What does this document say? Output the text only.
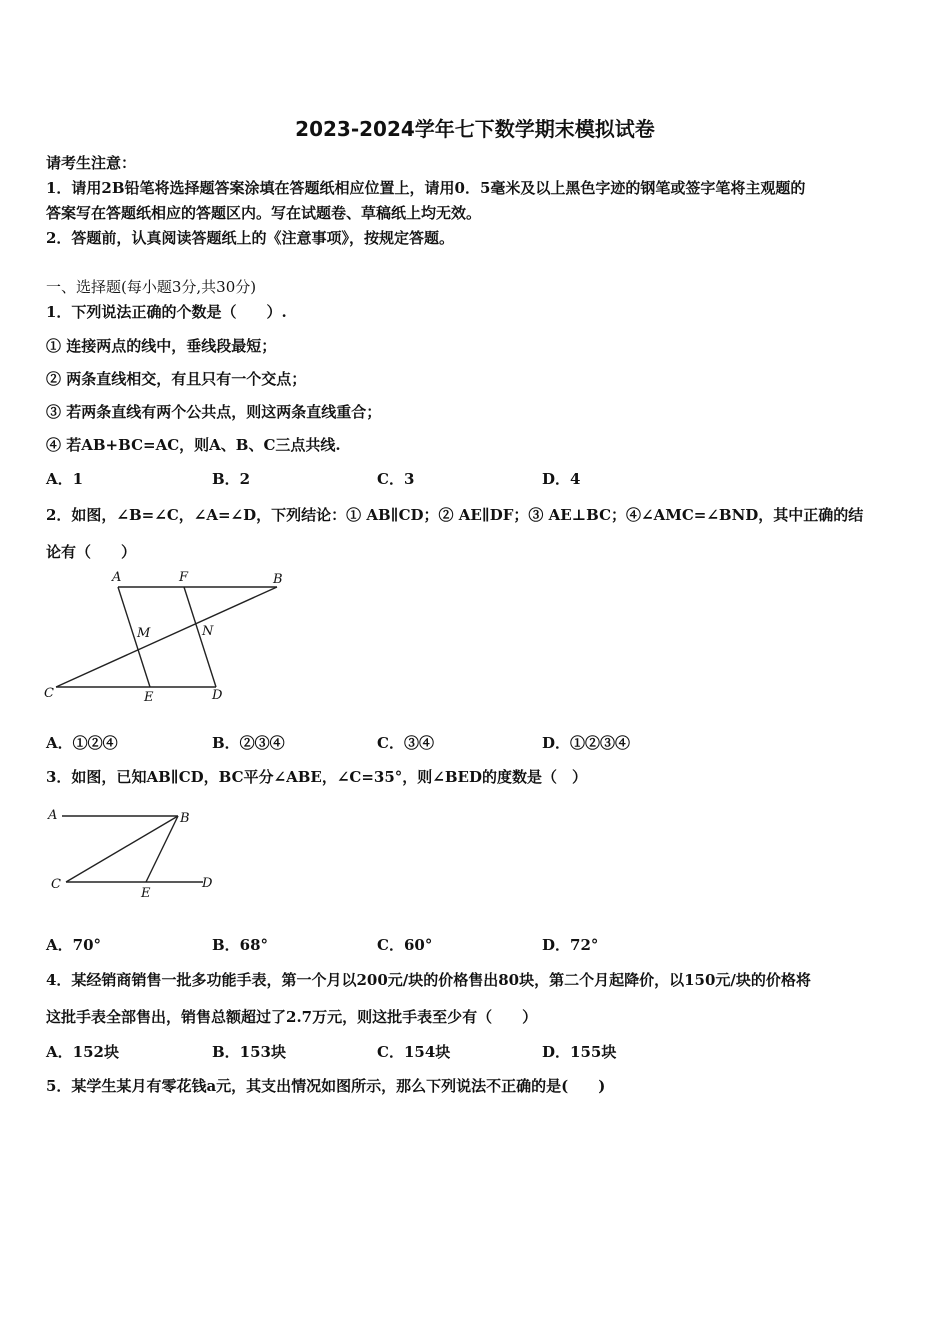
2023-2024学年七下数学期末模拟试卷
请考生注意：
1．请用2B铅笔将选择题答案涂填在答题纸相应位置上，请用0．5毫米及以上黑色字迹的钢笔或签字笔将主观题的
答案写在答题纸相应的答题区内。写在试题卷、草稿纸上均无效。
2．答题前，认真阅读答题纸上的《注意事项》，按规定答题。
一、选择题(每小题3分,共30分)
1．下列说法正确的个数是（　　）.
① 连接两点的线中，垂线段最短；
② 两条直线相交，有且只有一个交点；
③ 若两条直线有两个公共点，则这两条直线重合；
④ 若AB+BC=AC，则A、B、C三点共线.
A．1	B．2	C．3	D．4
2．如图，∠B=∠C，∠A=∠D，下列结论：① AB∥CD；② AE∥DF；③ AE⊥BC；④∠AMC=∠BND，其中正确的结
论有（　　）
A	F	B
M	N
C	E	D
A．①②④	B．②③④	C．③④	D．①②③④
3．如图，已知AB∥CD，BC平分∠ABE，∠C=35°，则∠BED的度数是（　）
A	B
C
E
D
A．70°	B．68°	C．60°	D．72°
4．某经销商销售一批多功能手表，第一个月以200元/块的价格售出80块，第二个月起降价，以150元/块的价格将
这批手表全部售出，销售总额超过了2.7万元，则这批手表至少有（　　）
A．152块	B．153块	C．154块	D．155块
5．某学生某月有零花钱a元，其支出情况如图所示，那么下列说法不正确的是(　　)
